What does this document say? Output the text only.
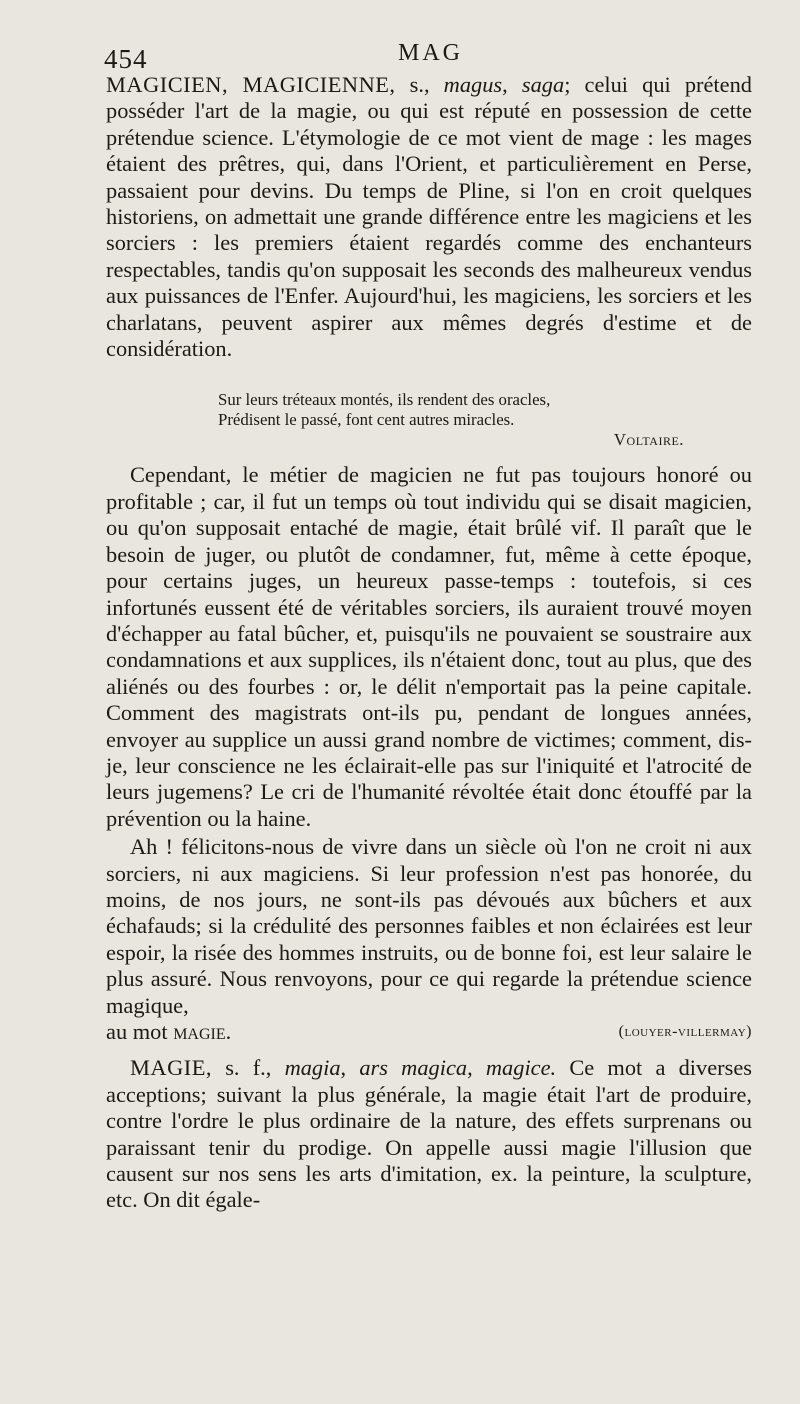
454	MAG

MAGICIEN, MAGICIENNE, s., magus, saga; celui qui prétend posséder l'art de la magie, ou qui est réputé en possession de cette prétendue science. L'étymologie de ce mot vient de mage : les mages étaient des prêtres, qui, dans l'Orient, et particulièrement en Perse, passaient pour devins. Du temps de Pline, si l'on en croit quelques historiens, on admettait une grande différence entre les magiciens et les sorciers : les premiers étaient regardés comme des enchanteurs respectables, tandis qu'on supposait les seconds des malheureux vendus aux puissances de l'Enfer. Aujourd'hui, les magiciens, les sorciers et les charlatans, peuvent aspirer aux mêmes degrés d'estime et de considération.

Sur leurs tréteaux montés, ils rendent des oracles,
Prédisent le passé, font cent autres miracles.
Voltaire.

Cependant, le métier de magicien ne fut pas toujours honoré ou profitable ; car, il fut un temps où tout individu qui se disait magicien, ou qu'on supposait entaché de magie, était brûlé vif. Il paraît que le besoin de juger, ou plutôt de condamner, fut, même à cette époque, pour certains juges, un heureux passe-temps : toutefois, si ces infortunés eussent été de véritables sorciers, ils auraient trouvé moyen d'échapper au fatal bûcher, et, puisqu'ils ne pouvaient se soustraire aux condamnations et aux supplices, ils n'étaient donc, tout au plus, que des aliénés ou des fourbes : or, le délit n'emportait pas la peine capitale. Comment des magistrats ont-ils pu, pendant de longues années, envoyer au supplice un aussi grand nombre de victimes; comment, dis-je, leur conscience ne les éclairait-elle pas sur l'iniquité et l'atrocité de leurs jugemens? Le cri de l'humanité révoltée était donc étouffé par la prévention ou la haine.

Ah ! félicitons-nous de vivre dans un siècle où l'on ne croit ni aux sorciers, ni aux magiciens. Si leur profession n'est pas honorée, du moins, de nos jours, ne sont-ils pas dévoués aux bûchers et aux échafauds; si la crédulité des personnes faibles et non éclairées est leur espoir, la risée des hommes instruits, ou de bonne foi, est leur salaire le plus assuré. Nous renvoyons, pour ce qui regarde la prétendue science magique,

au mot magie.	(louyer-villermay)

MAGIE, s. f., magia, ars magica, magice. Ce mot a diverses acceptions; suivant la plus générale, la magie était l'art de produire, contre l'ordre le plus ordinaire de la nature, des effets surprenans ou paraissant tenir du prodige. On appelle aussi magie l'illusion que causent sur nos sens les arts d'imitation, ex. la peinture, la sculpture, etc. On dit égale-
